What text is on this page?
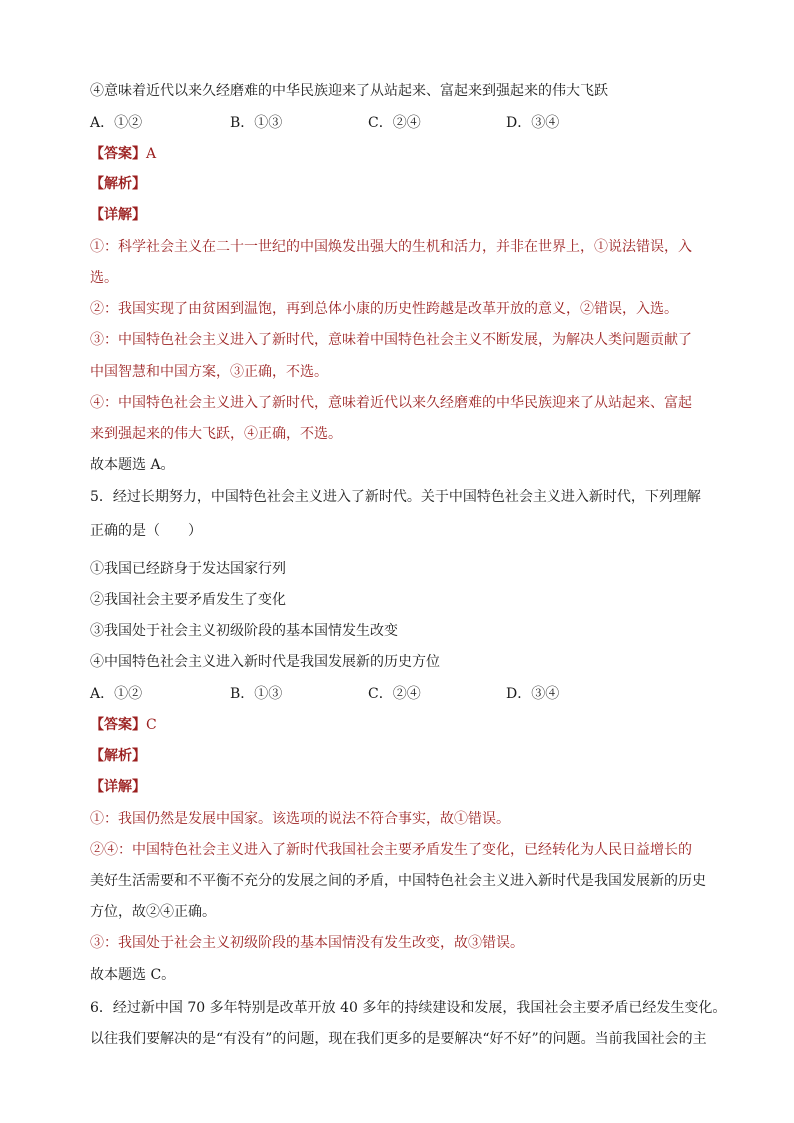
④意味着近代以来久经磨难的中华民族迎来了从站起来、富起来到强起来的伟大飞跃
A．①②	B．①③	C．②④	D．③④
【答案】A
【解析】
【详解】
①：科学社会主义在二十一世纪的中国焕发出强大的生机和活力，并非在世界上，①说法错误，入
选。
②：我国实现了由贫困到温饱，再到总体小康的历史性跨越是改革开放的意义，②错误，入选。
③：中国特色社会主义进入了新时代，意味着中国特色社会主义不断发展，为解决人类问题贡献了
中国智慧和中国方案，③正确，不选。
④：中国特色社会主义进入了新时代，意味着近代以来久经磨难的中华民族迎来了从站起来、富起
来到强起来的伟大飞跃，④正确，不选。
故本题选 A。
5．经过长期努力，中国特色社会主义进入了新时代。关于中国特色社会主义进入新时代，下列理解
正确的是（　　）
①我国已经跻身于发达国家行列
②我国社会主要矛盾发生了变化
③我国处于社会主义初级阶段的基本国情发生改变
④中国特色社会主义进入新时代是我国发展新的历史方位
A．①②	B．①③	C．②④	D．③④
【答案】C
【解析】
【详解】
①：我国仍然是发展中国家。该选项的说法不符合事实，故①错误。
②④：中国特色社会主义进入了新时代我国社会主要矛盾发生了变化，已经转化为人民日益增长的
美好生活需要和不平衡不充分的发展之间的矛盾，中国特色社会主义进入新时代是我国发展新的历史
方位，故②④正确。
③：我国处于社会主义初级阶段的基本国情没有发生改变，故③错误。
故本题选 C。
6．经过新中国 70 多年特别是改革开放 40 多年的持续建设和发展，我国社会主要矛盾已经发生变化。
以往我们要解决的是“有没有”的问题，现在我们更多的是要解决“好不好”的问题。当前我国社会的主
